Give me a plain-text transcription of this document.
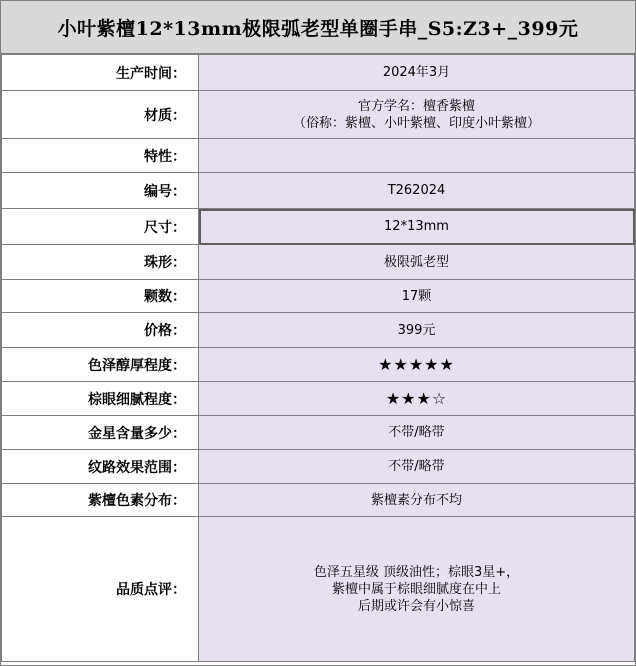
小叶紫檀12*13mm极限弧老型单圈手串_S5:Z3+_399元
生产时间：	2024年3月
材质：	官方学名：檀香紫檀
（俗称：紫檀、小叶紫檀、印度小叶紫檀）
特性：	
编号：	T262024
尺寸：	12*13mm
珠形：	极限弧老型
颗数：	17颗
价格：	399元
色泽醇厚程度：	★★★★★
棕眼细腻程度：	★★★☆
金星含量多少：	不带/略带
纹路效果范围：	不带/略带
紫檀色素分布：	紫檀素分布不均
品质点评：	色泽五星级 顶级油性；棕眼3星+，
紫檀中属于棕眼细腻度在中上
后期或许会有小惊喜
